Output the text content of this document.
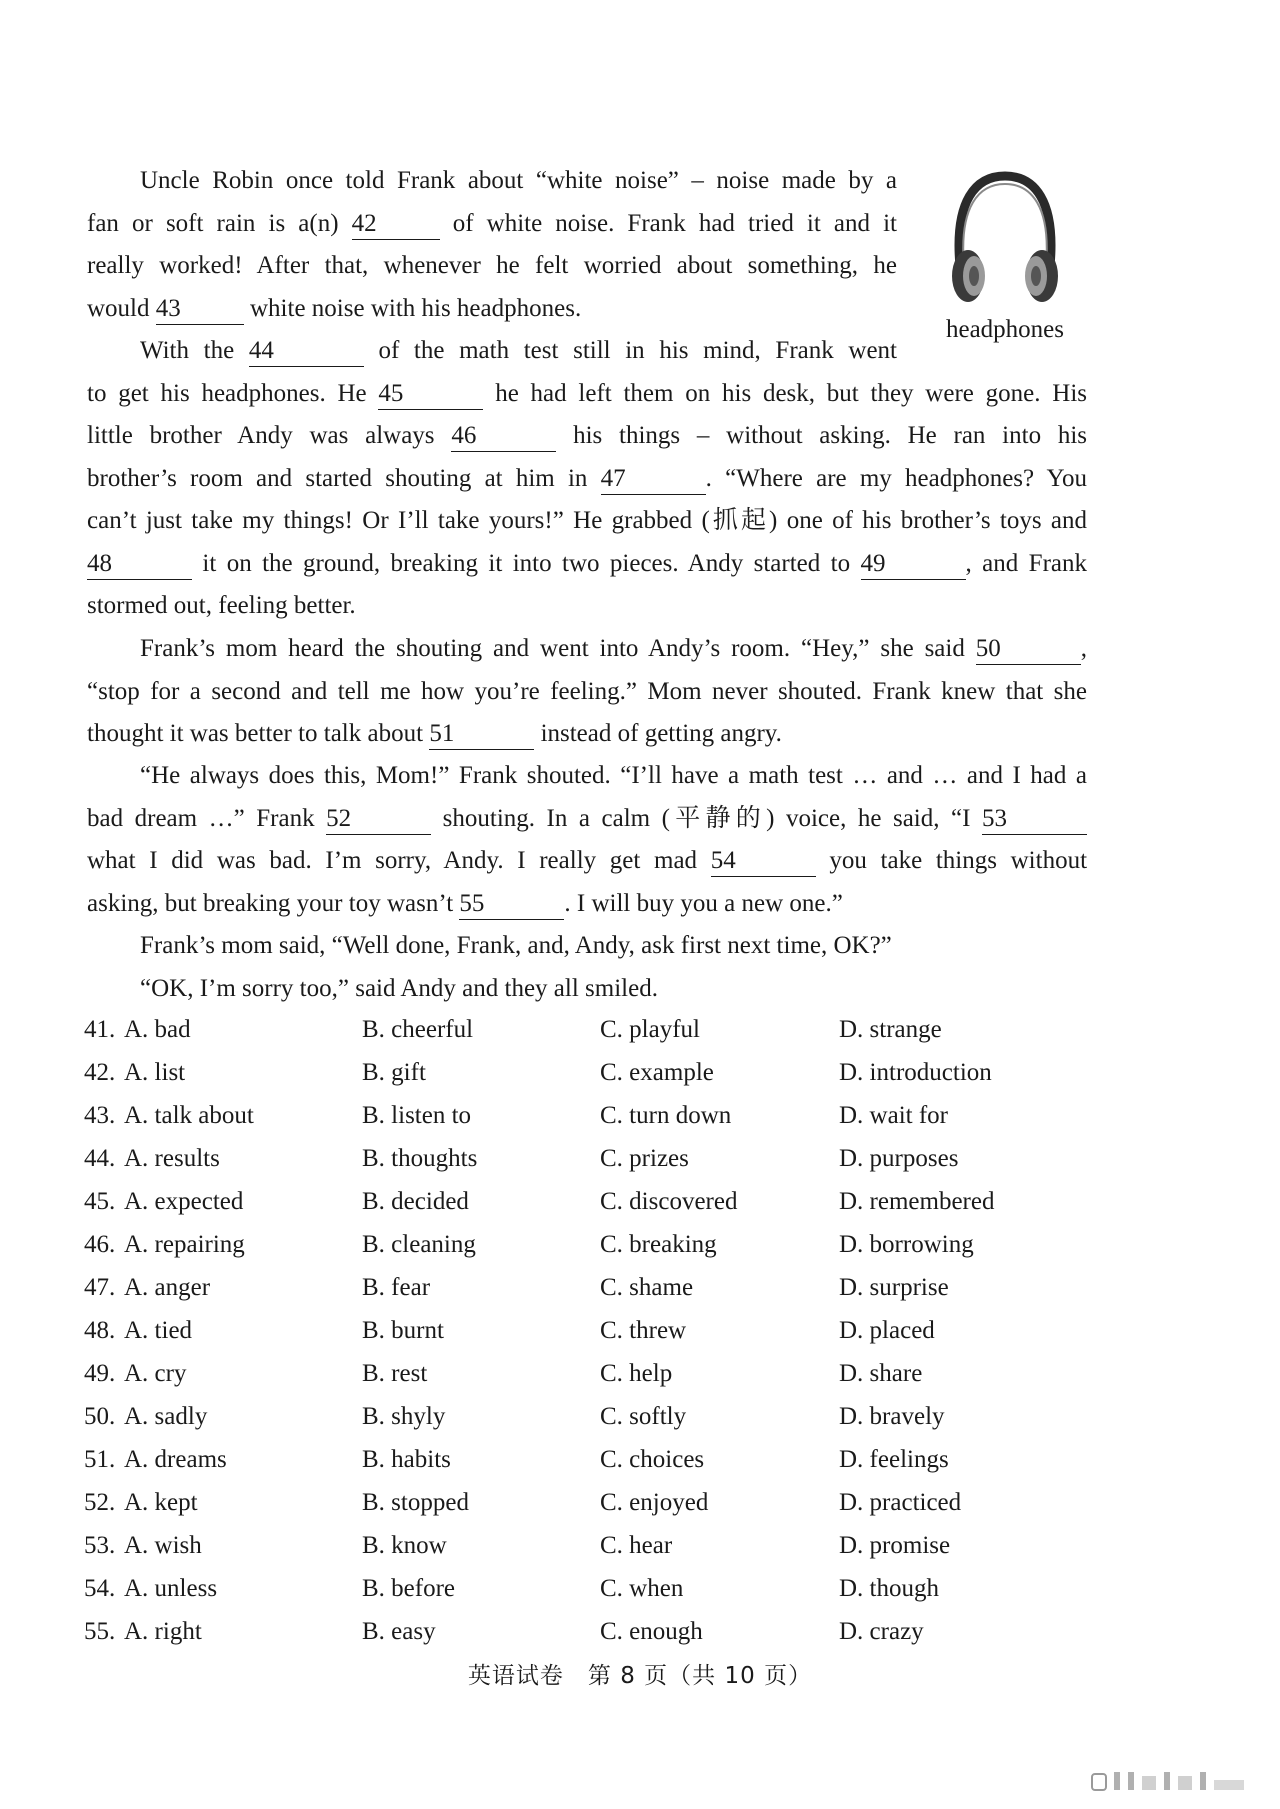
Uncle Robin once told Frank about “white noise” – noise made by a
fan or soft rain is a(n) 42	of white noise. Frank had tried it and it
really worked! After that, whenever he felt worried about something, he
would 43	white noise with his headphones.
headphones
With the 44	of the math test still in his mind, Frank went
to get his headphones. He 45	he had left them on his desk, but they were gone. His
little brother Andy was always 46	his things – without asking. He ran into his
brother’s room and started shouting at him in 47	. “Where are my headphones? You
can’t just take my things! Or I’ll take yours!” He grabbed (抓起) one of his brother’s toys and
48	it on the ground, breaking it into two pieces. Andy started to 49	, and Frank
stormed out, feeling better.
Frank’s mom heard the shouting and went into Andy’s room. “Hey,” she said 50	,
“stop for a second and tell me how you’re feeling.” Mom never shouted. Frank knew that she
thought it was better to talk about 51	instead of getting angry.
“He always does this, Mom!” Frank shouted. “I’ll have a math test … and … and I had a
bad dream …” Frank 52	shouting. In a calm (平静的) voice, he said, “I 53
what I did was bad. I’m sorry, Andy. I really get mad 54	you take things without
asking, but breaking your toy wasn’t 55	. I will buy you a new one.”
Frank’s mom said, “Well done, Frank, and, Andy, ask first next time, OK?”
“OK, I’m sorry too,” said Andy and they all smiled.
41. A. bad	B. cheerful	C. playful	D. strange
42. A. list	B. gift	C. example	D. introduction
43. A. talk about	B. listen to	C. turn down	D. wait for
44. A. results	B. thoughts	C. prizes	D. purposes
45. A. expected	B. decided	C. discovered	D. remembered
46. A. repairing	B. cleaning	C. breaking	D. borrowing
47. A. anger	B. fear	C. shame	D. surprise
48. A. tied	B. burnt	C. threw	D. placed
49. A. cry	B. rest	C. help	D. share
50. A. sadly	B. shyly	C. softly	D. bravely
51. A. dreams	B. habits	C. choices	D. feelings
52. A. kept	B. stopped	C. enjoyed	D. practiced
53. A. wish	B. know	C. hear	D. promise
54. A. unless	B. before	C. when	D. though
55. A. right	B. easy	C. enough	D. crazy
英语试卷　第 8 页（共 10 页）
